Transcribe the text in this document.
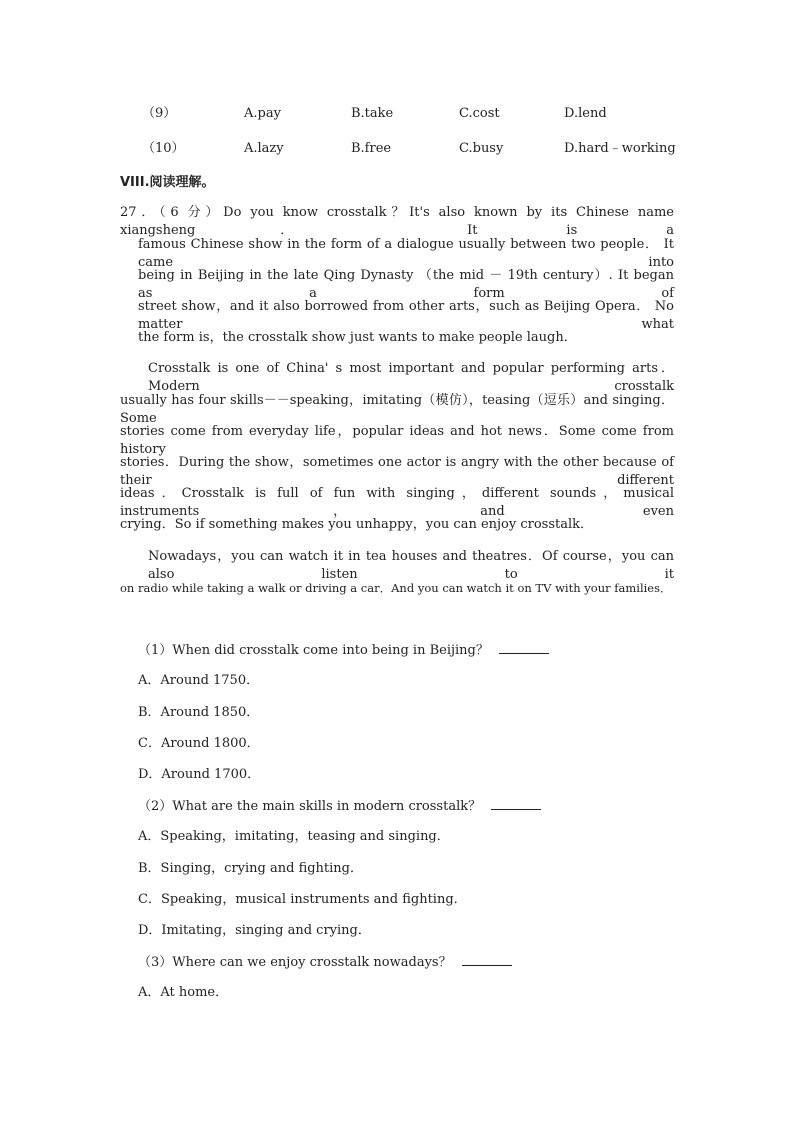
（9）	A.pay	B.take	C.cost	D.lend
（10）	A.lazy	B.free	C.busy	D.hard﹣working
VIII.阅读理解。
27．（6 分）Do you know crosstalk？It's also known by its Chinese name xiangsheng． It is a
famous Chinese show in the form of a dialogue usually between two people． It came into
being in Beijing in the late Qing Dynasty （the mid － 19th century）. It began as a form of
street show，and it also borrowed from other arts，such as Beijing Opera． No matter what
the form is，the crosstalk show just wants to make people laugh．
Crosstalk is one of China' s most important and popular performing arts．Modern crosstalk
usually has four skills－－speaking，imitating（模仿），teasing（逗乐）and singing．Some
stories come from everyday life，popular ideas and hot news．Some come from history
stories．During the show，sometimes one actor is angry with the other because of their different
ideas．Crosstalk is full of fun with singing，different sounds，musical instruments，and even
crying．So if something makes you unhappy，you can enjoy crosstalk．
Nowadays，you can watch it in tea houses and theatres．Of course，you can also listen to it
on radio while taking a walk or driving a car．And you can watch it on TV with your families．
（1）When did crosstalk come into being in Beijing？
A．Around 1750．
B．Around 1850．
C．Around 1800．
D．Around 1700．
（2）What are the main skills in modern crosstalk？
A．Speaking，imitating，teasing and singing．
B．Singing，crying and fighting．
C．Speaking，musical instruments and fighting．
D．Imitating，singing and crying．
（3）Where can we enjoy crosstalk nowadays？
A．At home．
